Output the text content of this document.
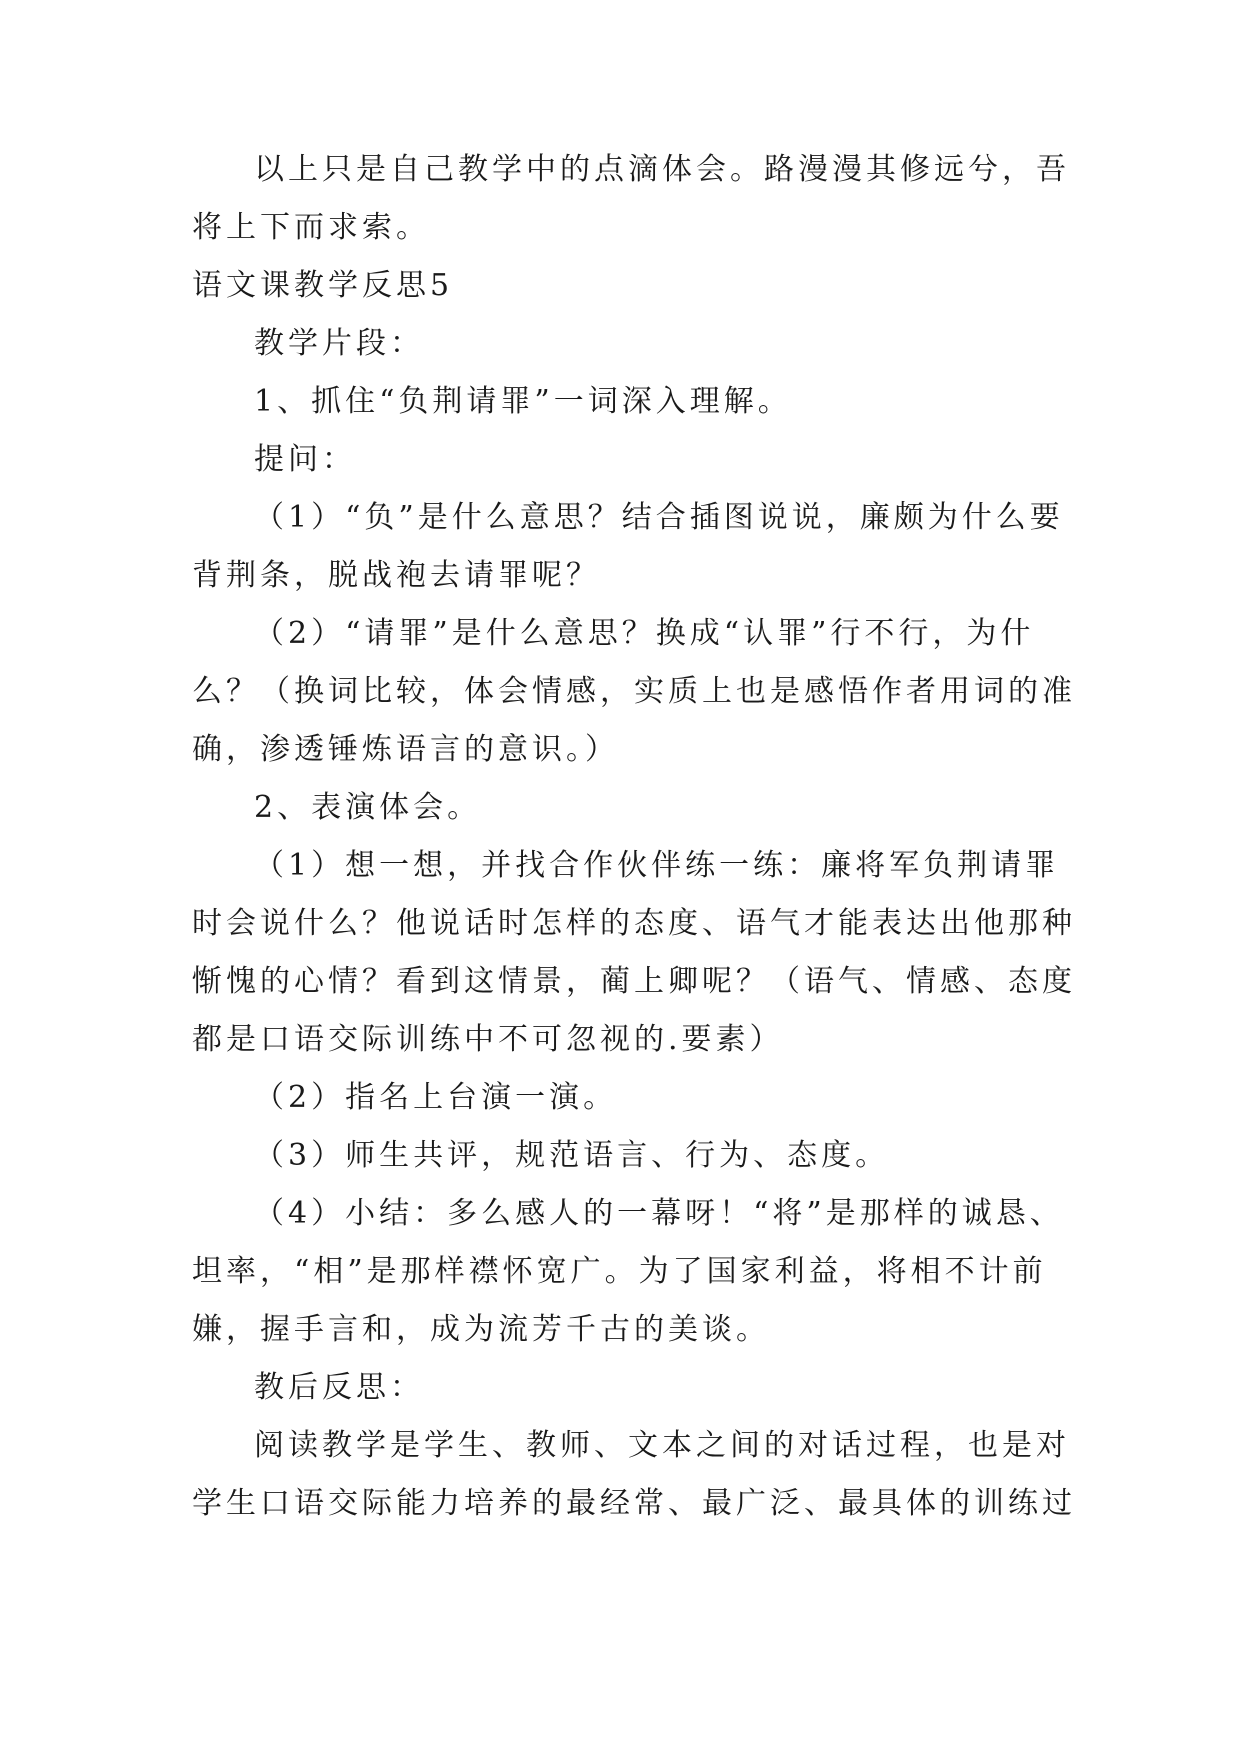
以上只是自己教学中的点滴体会。路漫漫其修远兮，吾
将上下而求索。
语文课教学反思5
教学片段：
1、抓住“负荆请罪”一词深入理解。
提问：
（1）“负”是什么意思？结合插图说说，廉颇为什么要
背荆条，脱战袍去请罪呢？
（2）“请罪”是什么意思？换成“认罪”行不行，为什
么？（换词比较，体会情感，实质上也是感悟作者用词的准
确，渗透锤炼语言的意识。）
2、表演体会。
（1）想一想，并找合作伙伴练一练：廉将军负荆请罪
时会说什么？他说话时怎样的态度、语气才能表达出他那种
惭愧的心情？看到这情景，蔺上卿呢？（语气、情感、态度
都是口语交际训练中不可忽视的.要素）
（2）指名上台演一演。
（3）师生共评，规范语言、行为、态度。
（4）小结：多么感人的一幕呀！“将”是那样的诚恳、
坦率，“相”是那样襟怀宽广。为了国家利益，将相不计前
嫌，握手言和，成为流芳千古的美谈。
教后反思：
阅读教学是学生、教师、文本之间的对话过程，也是对
学生口语交际能力培养的最经常、最广泛、最具体的训练过
